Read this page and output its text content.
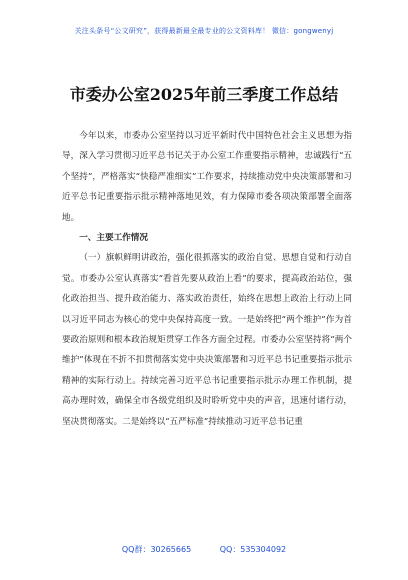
关注头条号“公文研究”，获得最新最全最专业的公文资料库！ 微信：gongwenyj
市委办公室2025年前三季度工作总结

今年以来，市委办公室坚持以习近平新时代中国特色社会主义思想为指导，深入学习贯彻习近平总书记关于办公室工作重要指示精神，忠诚践行“五个坚持”，严格落实“快稳严准细实”工作要求，持续推动党中央决策部署和习近平总书记重要指示批示精神落地见效，有力保障市委各项决策部署全面落地。

一、主要工作情况

（一）旗帜鲜明讲政治，强化很抓落实的政治自觉、思想自觉和行动自觉。市委办公室认真落实“看首先要从政治上看”的要求，提高政治站位，强化政治担当、提升政治能力、落实政治责任，始终在思想上政治上行动上同以习近平同志为核心的党中央保持高度一致。一是始终把“两个维护”作为首要政治原则和根本政治规矩贯穿工作各方面全过程。市委办公室坚持将“两个维护”体现在不折不扣贯彻落实党中央决策部署和习近平总书记重要指示批示精神的实际行动上。持续完善习近平总书记重要指示批示办理工作机制，提高办理时效，确保全市各级党组织及时聆听党中央的声音，迅速付诸行动，坚决贯彻落实。二是始终以“五严标准”持续推动习近平总书记重

QQ群：30265665	QQ：535304092
